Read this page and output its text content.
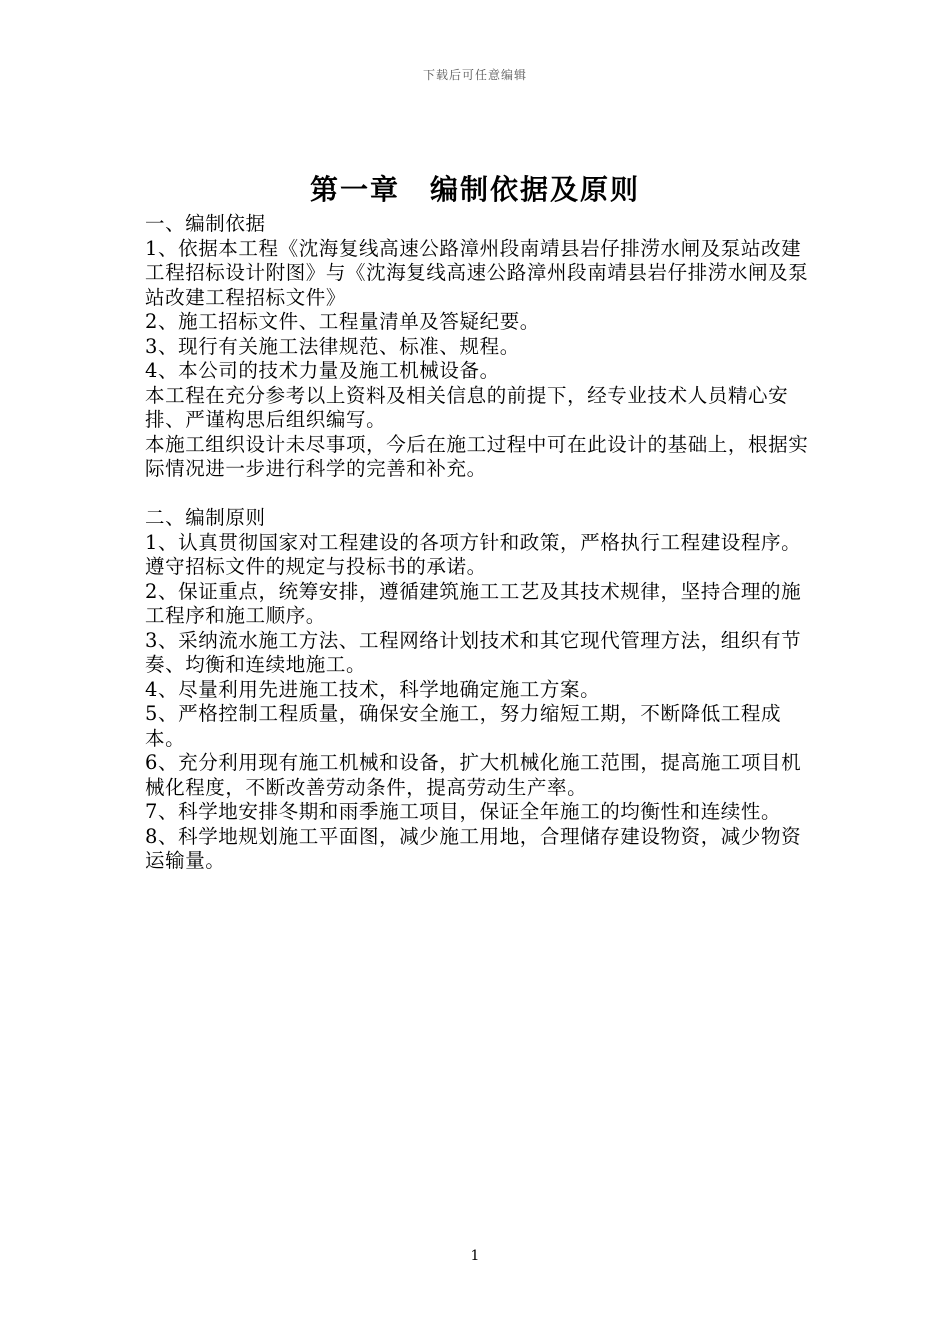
下载后可任意编辑
第一章　编制依据及原则

一、编制依据

1、依据本工程《沈海复线高速公路漳州段南靖县岩仔排涝水闸及泵站改建工程招标设计附图》与《沈海复线高速公路漳州段南靖县岩仔排涝水闸及泵站改建工程招标文件》

2、施工招标文件、工程量清单及答疑纪要。

3、现行有关施工法律规范、标准、规程。

4、本公司的技术力量及施工机械设备。

本工程在充分参考以上资料及相关信息的前提下，经专业技术人员精心安排、严谨构思后组织编写。

本施工组织设计未尽事项，今后在施工过程中可在此设计的基础上，根据实际情况进一步进行科学的完善和补充。

二、编制原则

1、认真贯彻国家对工程建设的各项方针和政策，严格执行工程建设程序。遵守招标文件的规定与投标书的承诺。

2、保证重点，统筹安排，遵循建筑施工工艺及其技术规律，坚持合理的施工程序和施工顺序。

3、采纳流水施工方法、工程网络计划技术和其它现代管理方法，组织有节奏、均衡和连续地施工。

4、尽量利用先进施工技术，科学地确定施工方案。

5、严格控制工程质量，确保安全施工，努力缩短工期，不断降低工程成本。

6、充分利用现有施工机械和设备，扩大机械化施工范围，提高施工项目机械化程度，不断改善劳动条件，提高劳动生产率。

7、科学地安排冬期和雨季施工项目，保证全年施工的均衡性和连续性。

8、科学地规划施工平面图，减少施工用地，合理储存建设物资，减少物资运输量。

1
